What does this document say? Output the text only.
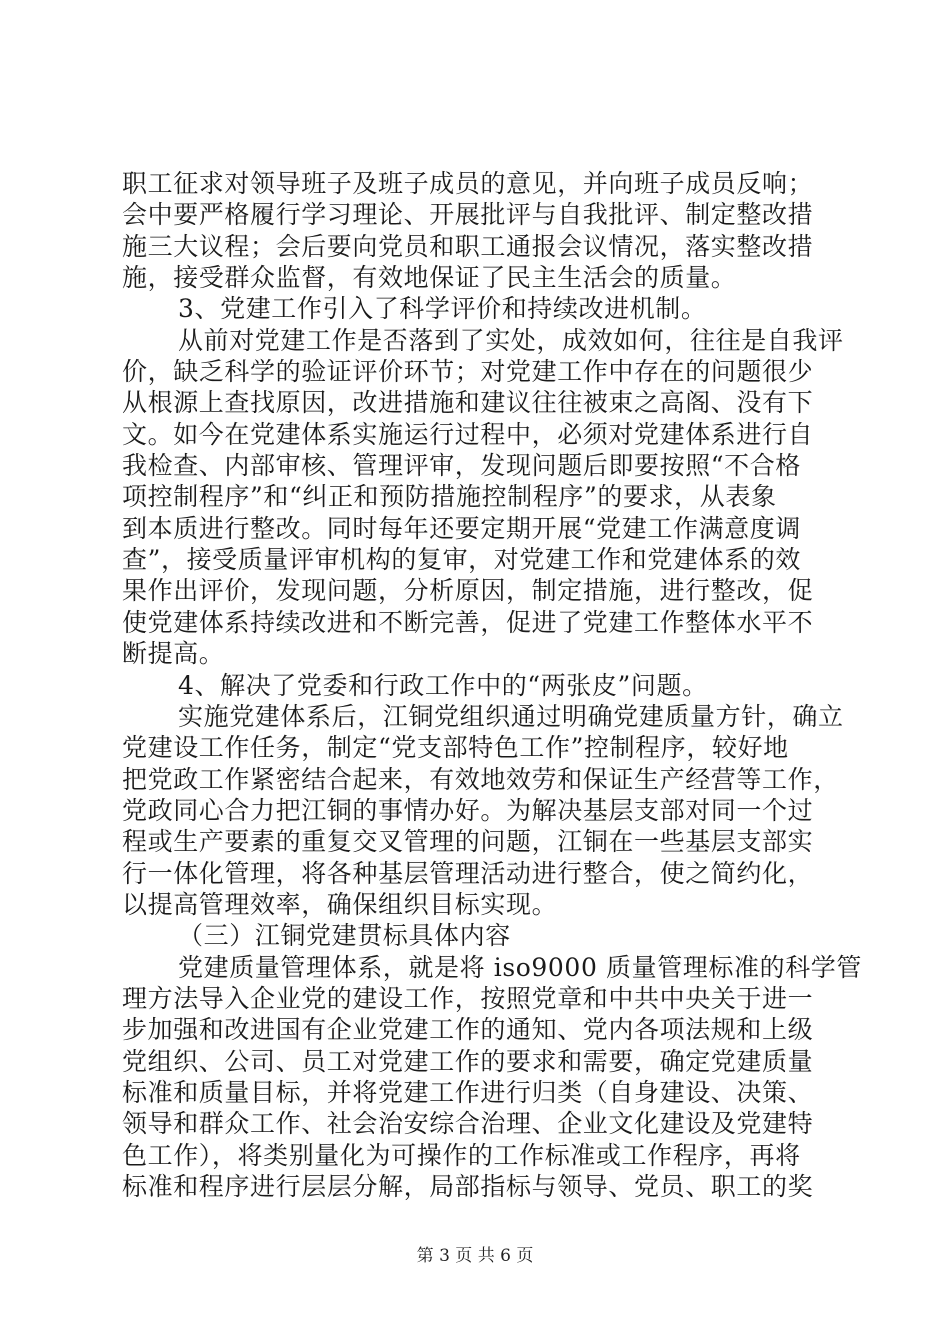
职工征求对领导班子及班子成员的意见，并向班子成员反响；
会中要严格履行学习理论、开展批评与自我批评、制定整改措
施三大议程；会后要向党员和职工通报会议情况，落实整改措
施，接受群众监督，有效地保证了民主生活会的质量。
3、党建工作引入了科学评价和持续改进机制。
从前对党建工作是否落到了实处，成效如何，往往是自我评
价，缺乏科学的验证评价环节；对党建工作中存在的问题很少
从根源上查找原因，改进措施和建议往往被束之高阁、没有下
文。如今在党建体系实施运行过程中，必须对党建体系进行自
我检查、内部审核、管理评审，发现问题后即要按照“不合格
项控制程序”和“纠正和预防措施控制程序”的要求，从表象
到本质进行整改。同时每年还要定期开展“党建工作满意度调
查”，接受质量评审机构的复审，对党建工作和党建体系的效
果作出评价，发现问题，分析原因，制定措施，进行整改，促
使党建体系持续改进和不断完善，促进了党建工作整体水平不
断提高。
4、解决了党委和行政工作中的“两张皮”问题。
实施党建体系后，江铜党组织通过明确党建质量方针，确立
党建设工作任务，制定“党支部特色工作”控制程序，较好地
把党政工作紧密结合起来，有效地效劳和保证生产经营等工作，
党政同心合力把江铜的事情办好。为解决基层支部对同一个过
程或生产要素的重复交叉管理的问题，江铜在一些基层支部实
行一体化管理，将各种基层管理活动进行整合，使之简约化，
以提高管理效率，确保组织目标实现。
（三）江铜党建贯标具体内容
党建质量管理体系，就是将 iso9000 质量管理标准的科学管
理方法导入企业党的建设工作，按照党章和中共中央关于进一
步加强和改进国有企业党建工作的通知、党内各项法规和上级
党组织、公司、员工对党建工作的要求和需要，确定党建质量
标准和质量目标，并将党建工作进行归类（自身建设、决策、
领导和群众工作、社会治安综合治理、企业文化建设及党建特
色工作），将类别量化为可操作的工作标准或工作程序，再将
标准和程序进行层层分解，局部指标与领导、党员、职工的奖
第 3 页 共 6 页
